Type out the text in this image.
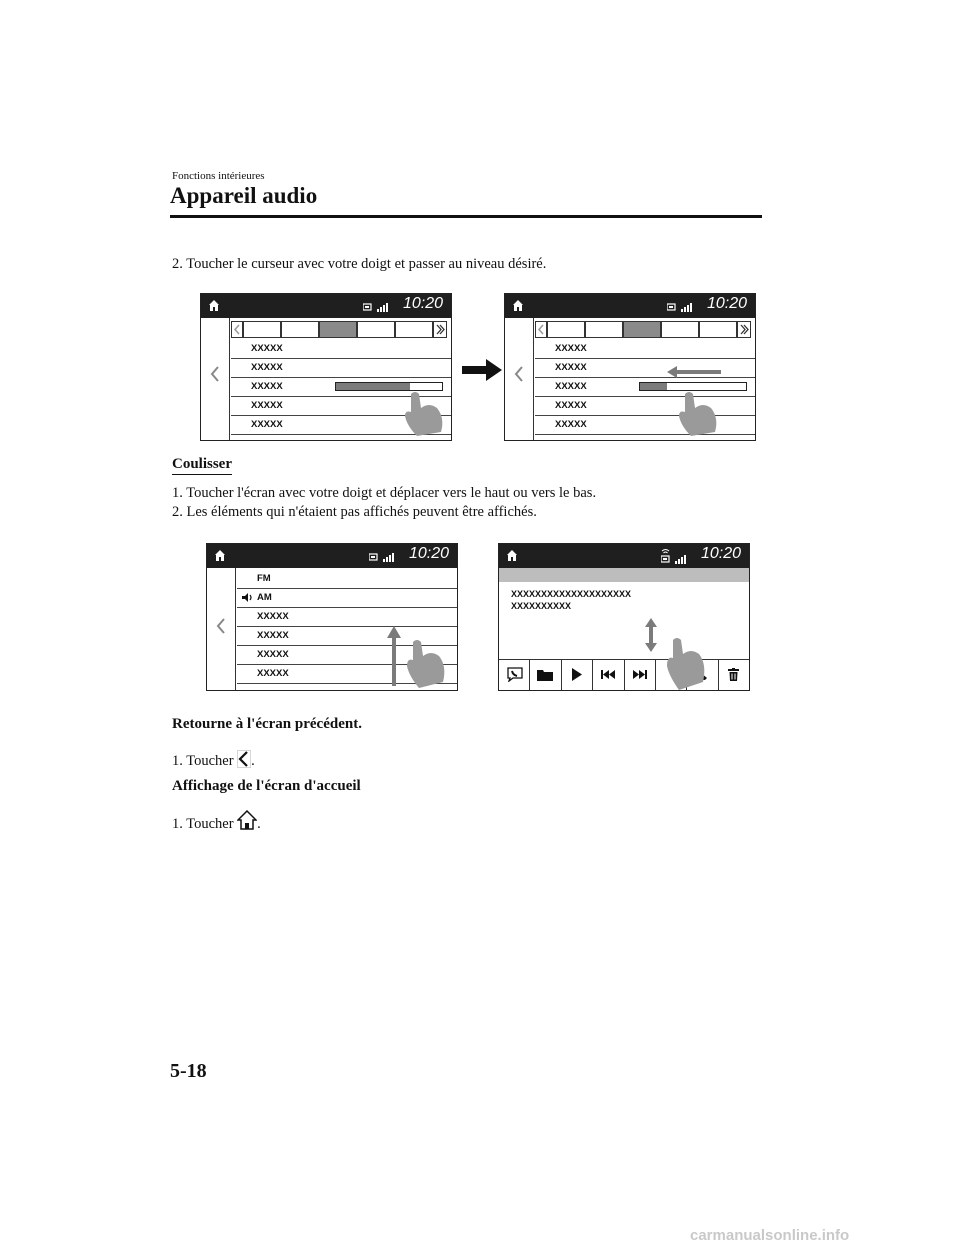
Fonctions intérieures
Appareil audio
2. Toucher le curseur avec votre doigt et passer au niveau désiré.
10:20
XXXXX
XXXXX
XXXXX
XXXXX
XXXXX
10:20
XXXXX
XXXXX
XXXXX
XXXXX
XXXXX
Coulisser
1. Toucher l'écran avec votre doigt et déplacer vers le haut ou vers le bas.
2. Les éléments qui n'étaient pas affichés peuvent être affichés.
10:20
FM
AM
XXXXX
XXXXX
XXXXX
XXXXX
10:20
XXXXXXXXXXXXXXXXXXXX
XXXXXXXXXX
Retourne à l'écran précédent.
1. Toucher .
Affichage de l'écran d'accueil
1. Toucher .
5-18
carmanualsonline.info
